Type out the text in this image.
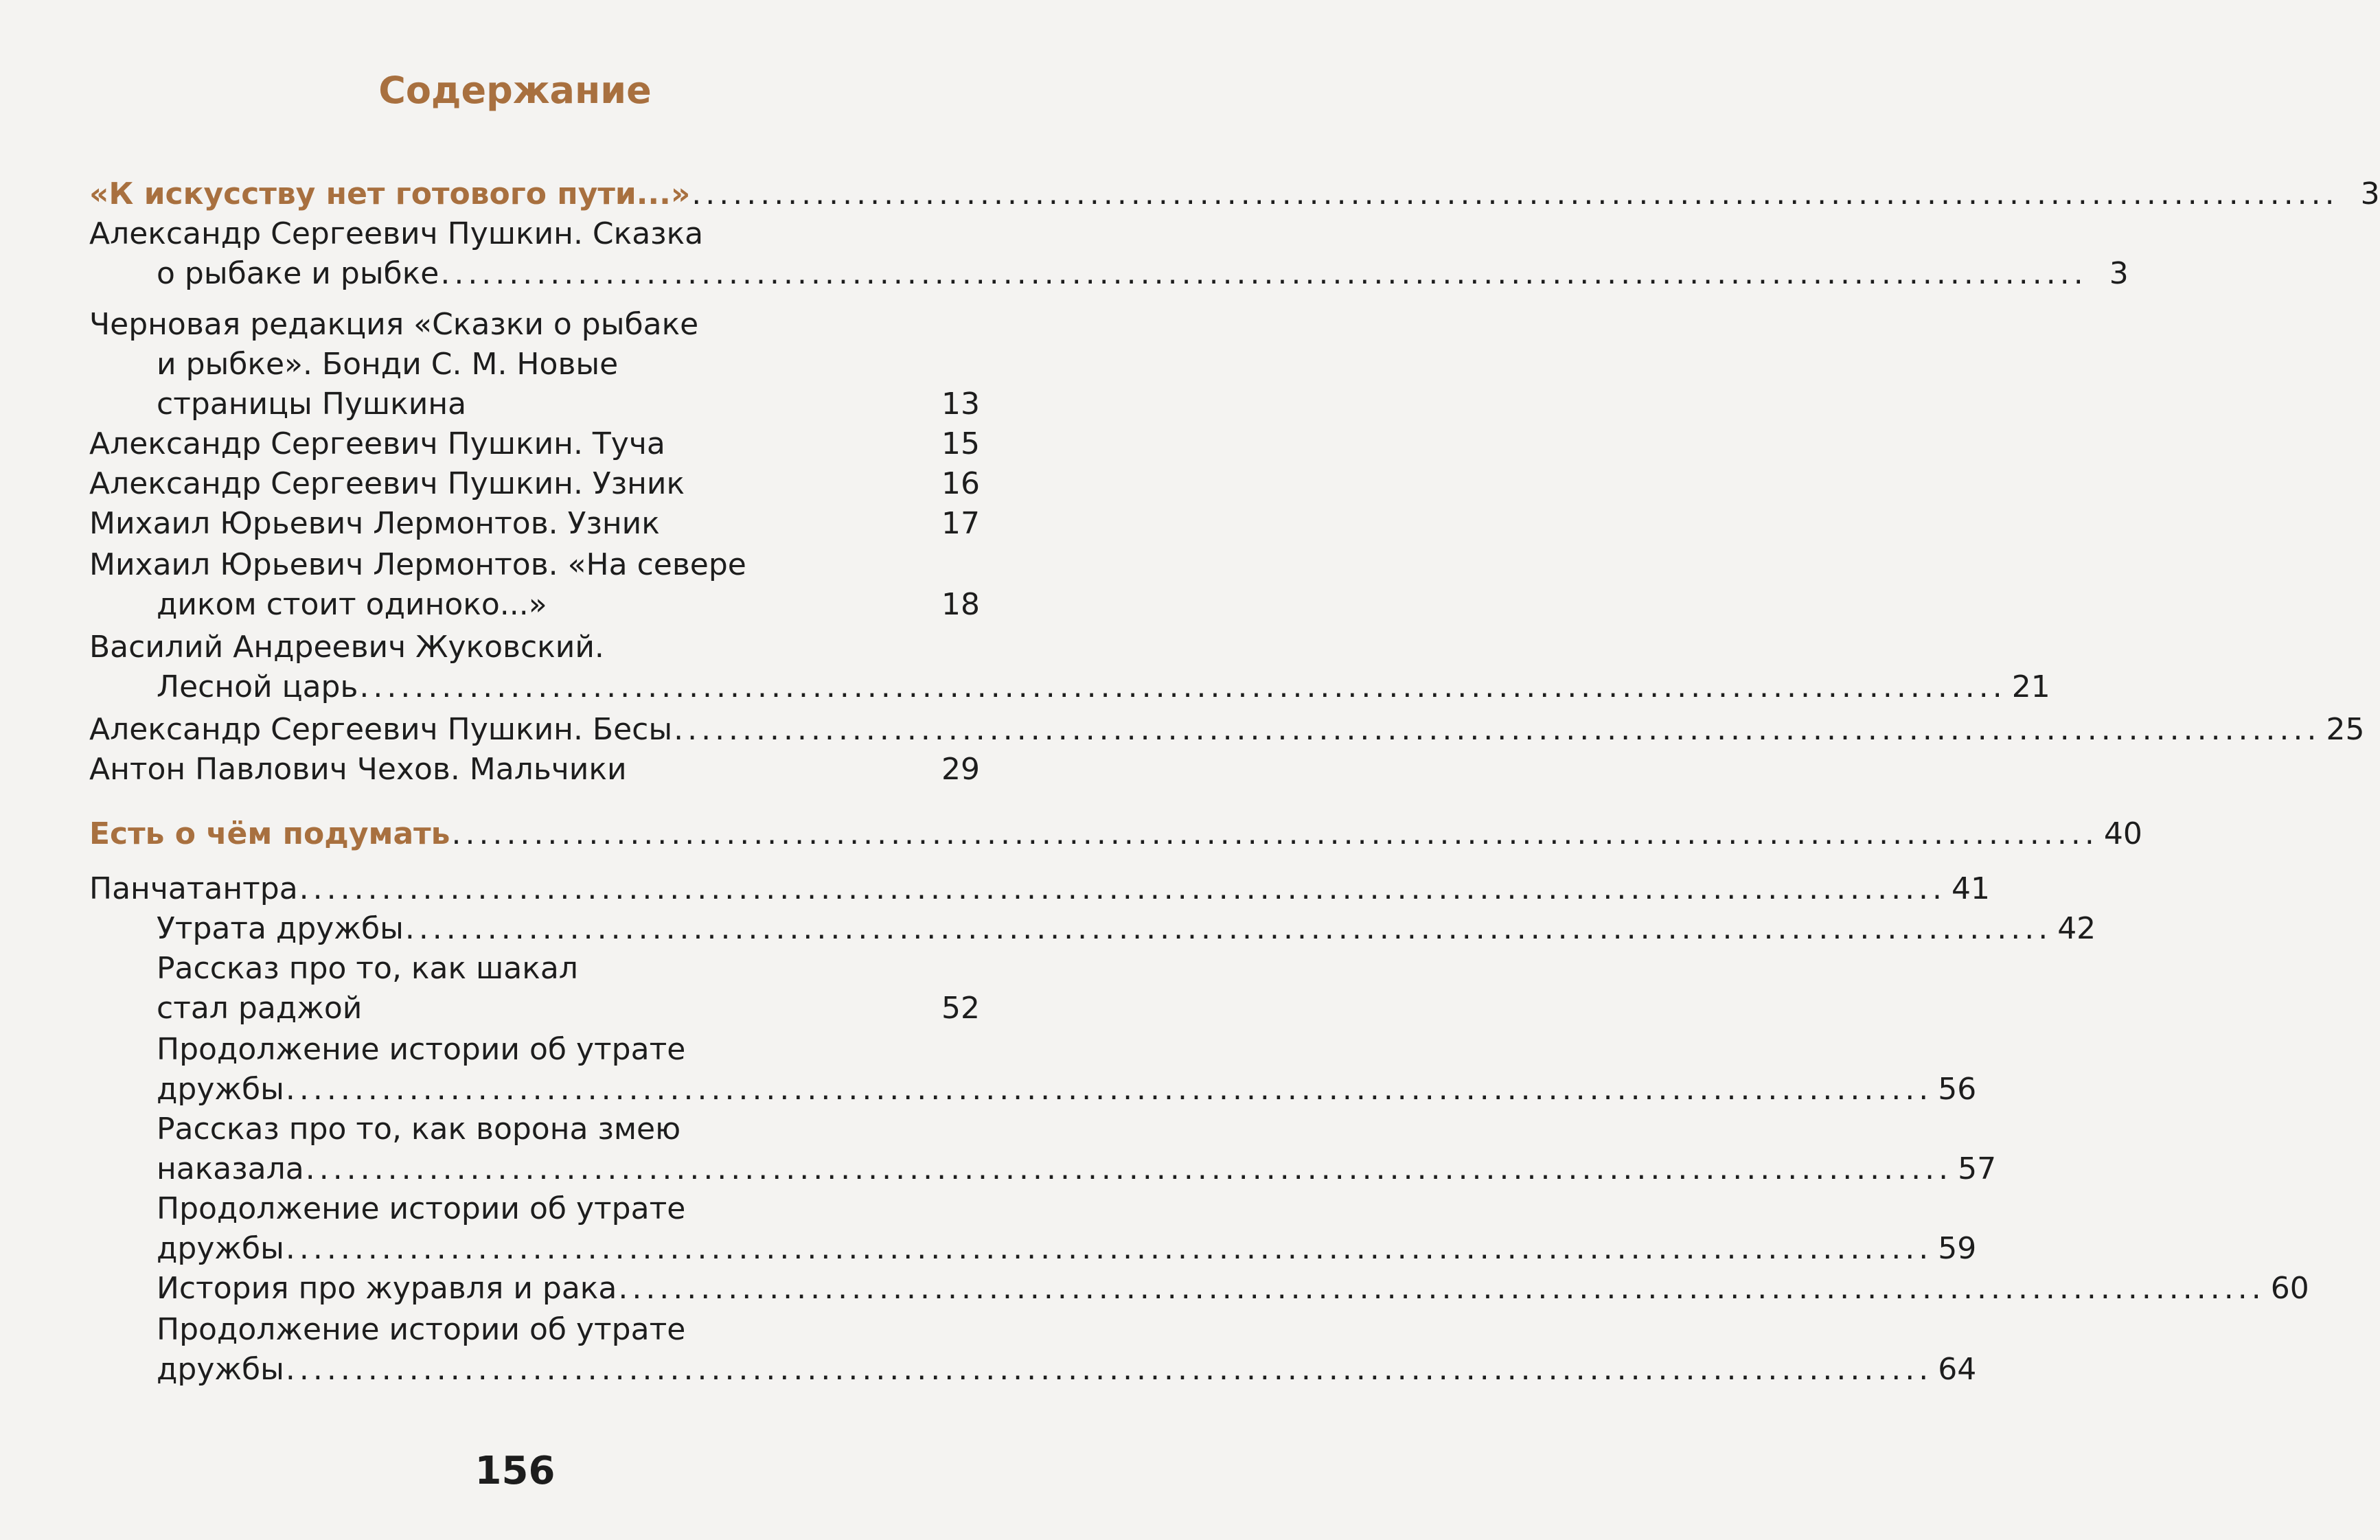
Содержание
«К искусству нет готового пути...» ........................................................................................................................ 3
Александр Сергеевич Пушкин. Сказка
о рыбаке и рыбке ........................................................................................................................ 3
Черновая редакция «Сказки о рыбаке
и рыбке». Бонди С. М. Новые
страницы Пушкина	13
Александр Сергеевич Пушкин. Туча	15
Александр Сергеевич Пушкин. Узник	16
Михаил Юрьевич Лермонтов. Узник	17
Михаил Юрьевич Лермонтов. «На севере
диком стоит одиноко...»	18
Василий Андреевич Жуковский.
Лесной царь ........................................................................................................................ 21
Александр Сергеевич Пушкин. Бесы ........................................................................................................................ 25
Антон Павлович Чехов. Мальчики	29
Есть о чём подумать ........................................................................................................................ 40
Панчатантра ........................................................................................................................ 41
Утрата дружбы ........................................................................................................................ 42
Рассказ про то, как шакал
стал раджой	52
Продолжение истории об утрате
дружбы ........................................................................................................................ 56
Рассказ про то, как ворона змею
наказала ........................................................................................................................ 57
Продолжение истории об утрате
дружбы ........................................................................................................................ 59
История про журавля и рака ........................................................................................................................ 60
Продолжение истории об утрате
дружбы ........................................................................................................................ 64
156
